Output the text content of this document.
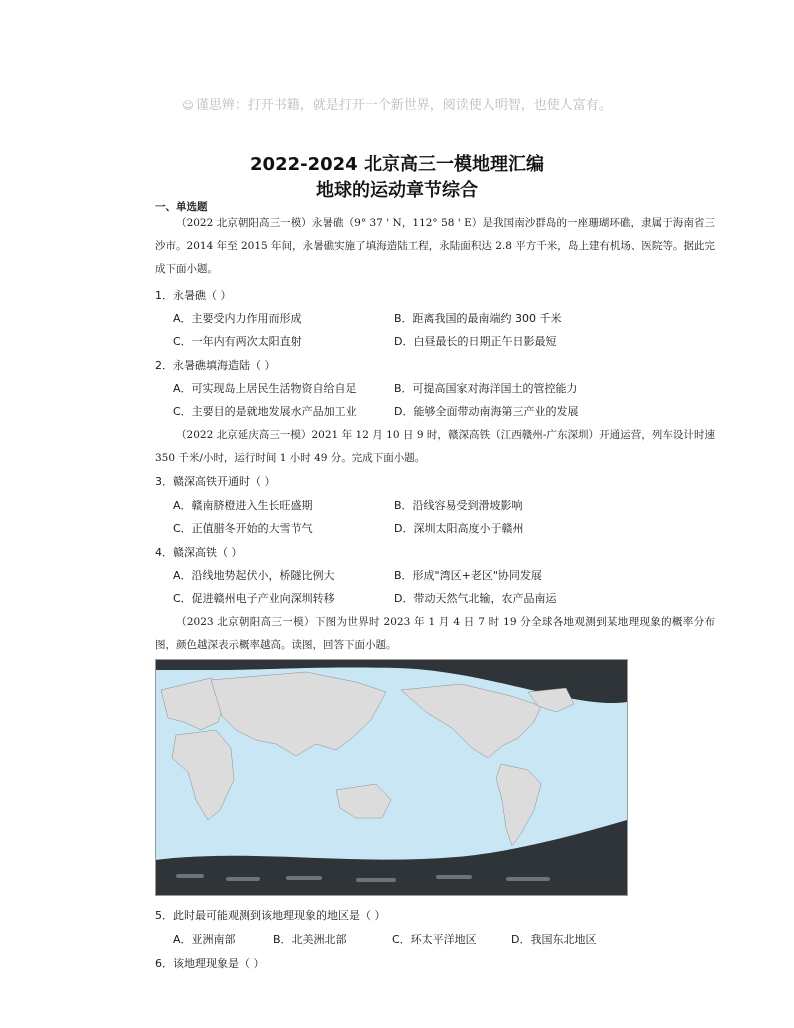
☺ 谨思辨：打开书籍，就是打开一个新世界，阅读使人明智，也使人富有。
2022-2024 北京高三一模地理汇编
地球的运动章节综合
一、单选题
（2022 北京朝阳高三一模）永暑礁（9° 37 ' N，112° 58 ' E）是我国南沙群岛的一座珊瑚环礁，隶属于海南省三沙市。2014 年至 2015 年间，永暑礁实施了填海造陆工程，永陆面积达 2.8 平方千米，岛上建有机场、医院等。据此完成下面小题。
1．永暑礁（ ）
A．主要受内力作用而形成	B．距离我国的最南端约 300 千米
C．一年内有两次太阳直射	D．白昼最长的日期正午日影最短
2．永暑礁填海造陆（ ）
A．可实现岛上居民生活物资自给自足	B．可提高国家对海洋国土的管控能力
C．主要目的是就地发展水产品加工业	D．能够全面带动南海第三产业的发展
（2022 北京延庆高三一模）2021 年 12 月 10 日 9 时，赣深高铁（江西赣州-广东深圳）开通运营，列车设计时速 350 千米/小时，运行时间 1 小时 49 分。完成下面小题。
3．赣深高铁开通时（ ）
A．赣南脐橙进入生长旺盛期	B．沿线容易受到滑坡影响
C．正值腊冬开始的大雪节气	D．深圳太阳高度小于赣州
4．赣深高铁（ ）
A．沿线地势起伏小，桥隧比例大	B．形成"湾区+老区"协同发展
C．促进赣州电子产业向深圳转移	D．带动天然气北输，农产品南运
（2023 北京朝阳高三一模）下图为世界时 2023 年 1 月 4 日 7 时 19 分全球各地观测到某地理现象的概率分布图，颜色越深表示概率越高。读图，回答下面小题。
5．此时最可能观测到该地理现象的地区是（ ）
A．亚洲南部	B．北美洲北部	C．环太平洋地区	D．我国东北地区
6．该地理现象是（ ）
